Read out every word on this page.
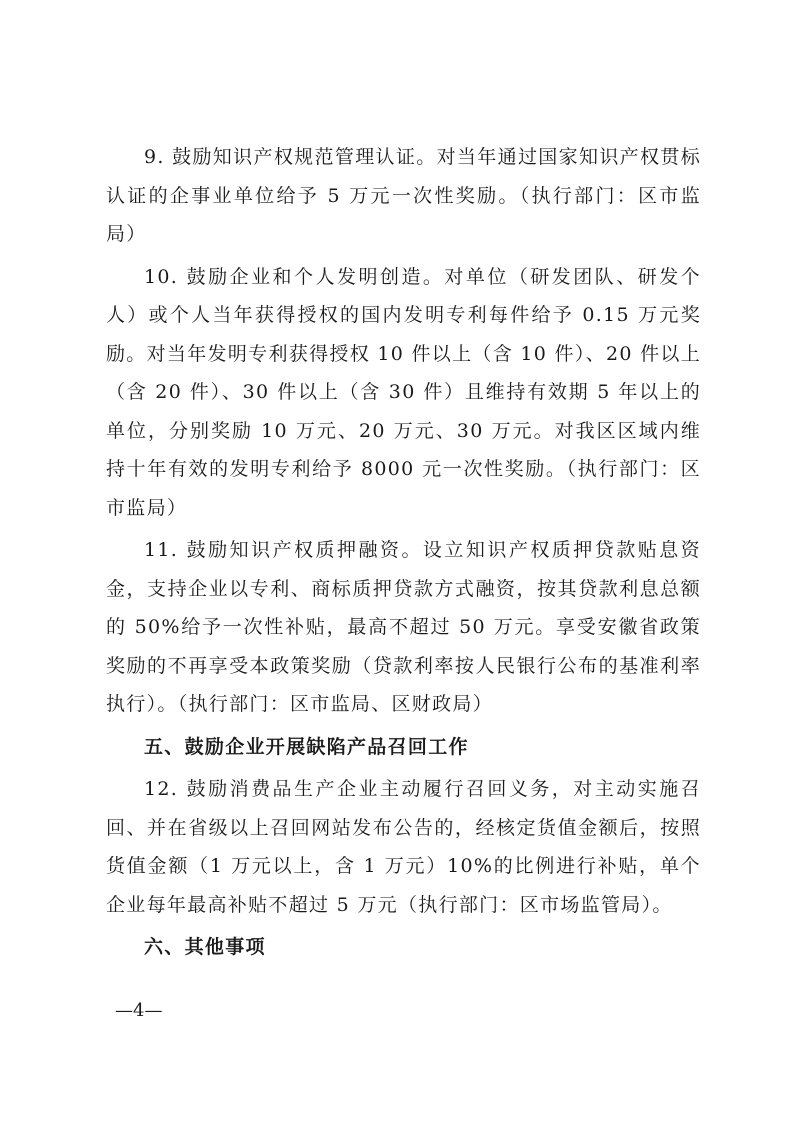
9. 鼓励知识产权规范管理认证。对当年通过国家知识产权贯标认证的企事业单位给予 5 万元一次性奖励。（执行部门：区市监局）

10. 鼓励企业和个人发明创造。对单位（研发团队、研发个人）或个人当年获得授权的国内发明专利每件给予 0.15 万元奖励。对当年发明专利获得授权 10 件以上（含 10 件）、20 件以上（含 20 件）、30 件以上（含 30 件）且维持有效期 5 年以上的单位，分别奖励 10 万元、20 万元、30 万元。对我区区域内维持十年有效的发明专利给予 8000 元一次性奖励。（执行部门：区市监局）

11. 鼓励知识产权质押融资。设立知识产权质押贷款贴息资金，支持企业以专利、商标质押贷款方式融资，按其贷款利息总额的 50%给予一次性补贴，最高不超过 50 万元。享受安徽省政策奖励的不再享受本政策奖励（贷款利率按人民银行公布的基准利率执行）。（执行部门：区市监局、区财政局）

五、鼓励企业开展缺陷产品召回工作

12. 鼓励消费品生产企业主动履行召回义务，对主动实施召回、并在省级以上召回网站发布公告的，经核定货值金额后，按照货值金额（1 万元以上，含 1 万元）10%的比例进行补贴，单个企业每年最高补贴不超过 5 万元（执行部门：区市场监管局）。

六、其他事项

—4—
